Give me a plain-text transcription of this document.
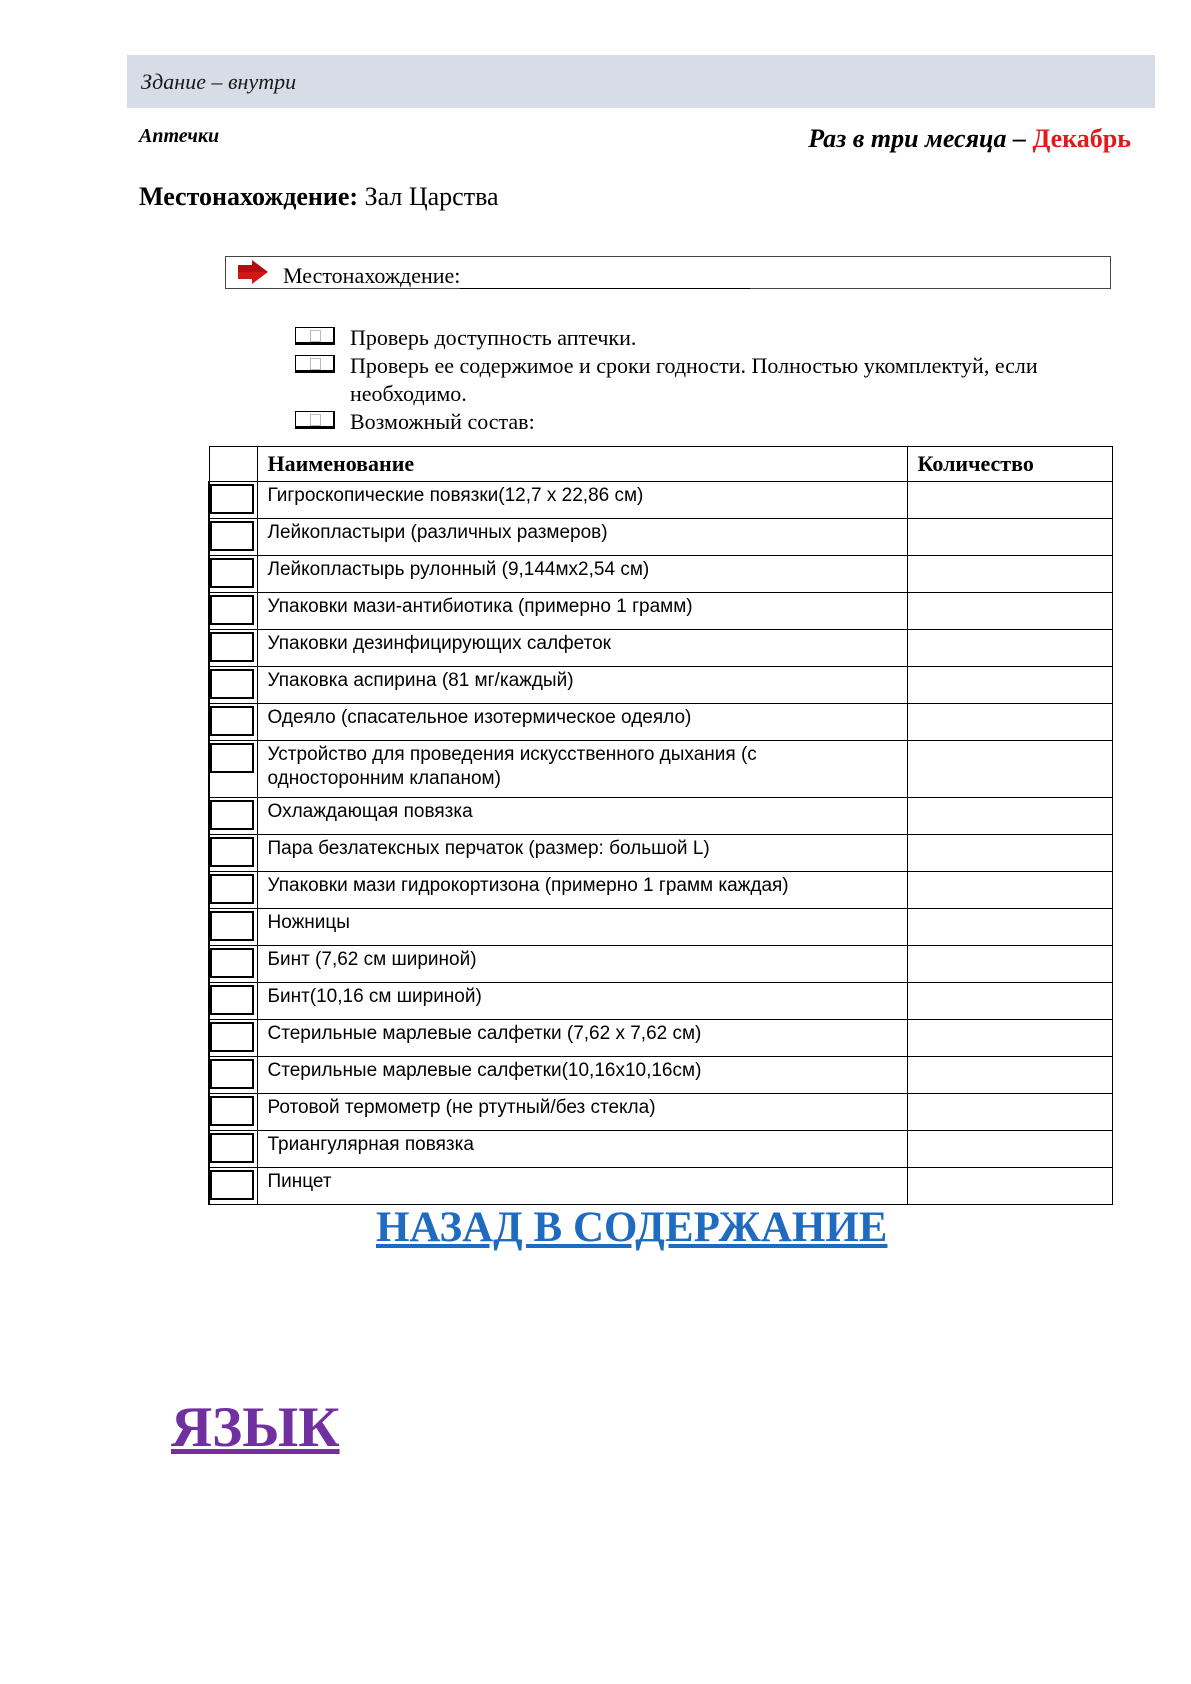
Здание – внутри
Аптечки	Раз в три месяца – Декабрь
Местонахождение: Зал Царства
Местонахождение:
Проверь доступность аптечки.
Проверь ее содержимое и сроки годности. Полностью укомплектуй, если необходимо.
Возможный состав:
	Наименование	Количество

	Гигроскопические повязки(12,7 х 22,86 см)	

	Лейкопластыри (различных размеров)	

	Лейкопластырь рулонный (9,144мх2,54 см)	

	Упаковки мази-антибиотика (примерно 1 грамм)	

	Упаковки дезинфицирующих салфеток	

	Упаковка аспирина (81 мг/каждый)	

	Одеяло (спасательное изотермическое одеяло)	

	Устройство для проведения искусственного дыхания (с односторонним клапаном)	

	Охлаждающая повязка	

	Пара безлатексных перчаток (размер: большой L)	

	Упаковки мази гидрокортизона (примерно 1 грамм каждая)	

	Ножницы	

	Бинт (7,62 см шириной)	

	Бинт(10,16 см шириной)	

	Стерильные марлевые салфетки (7,62 х 7,62 см)	

	Стерильные марлевые салфетки(10,16х10,16см)	

	Ротовой термометр (не ртутный/без стекла)	

	Триангулярная повязка	

	Пинцет	
НАЗАД В СОДЕРЖАНИЕ
ЯЗЫК
